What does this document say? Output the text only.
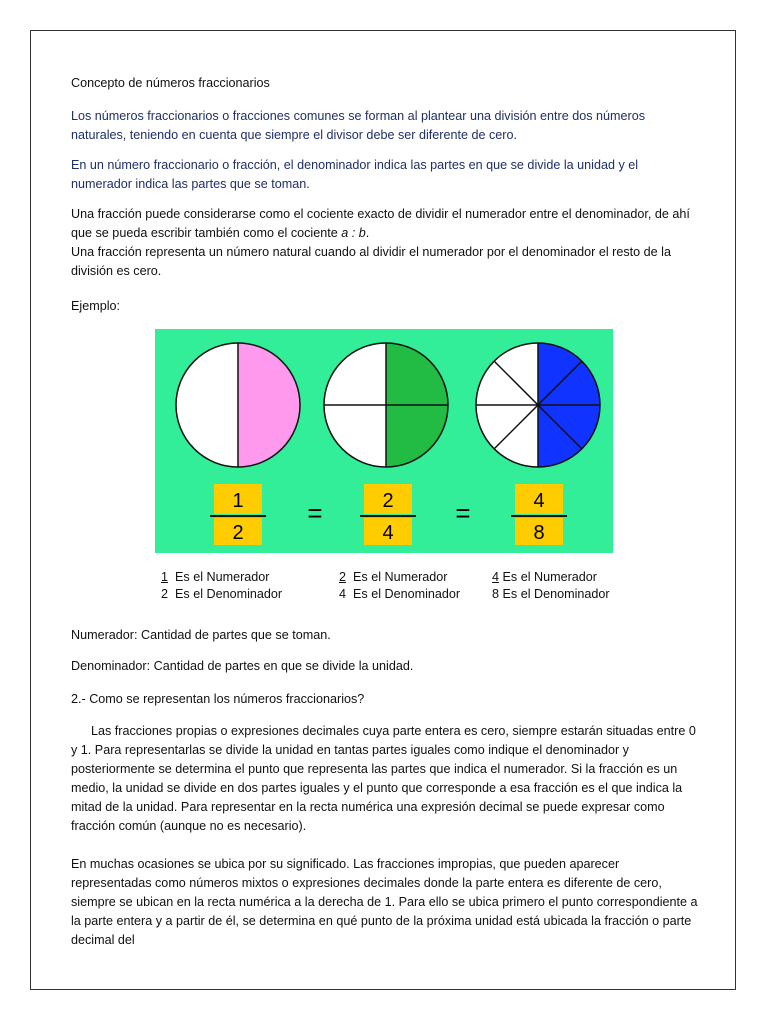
Concepto de números fraccionarios

Los números fraccionarios o fracciones comunes se forman al plantear una división entre dos números naturales, teniendo en cuenta que siempre el divisor debe ser diferente de cero.

En un número fraccionario o fracción, el denominador indica las partes en que se divide la unidad y el numerador indica las partes que se toman.

Una fracción puede considerarse como el cociente exacto de dividir el numerador entre el denominador, de ahí que se pueda escribir también como el cociente a : b.

Una fracción representa un número natural cuando al dividir el numerador por el denominador el resto de la división es cero.

Ejemplo:

1
2
=	2
4
=	4
8
1 Es el Numerador
2 Es el Denominador
2 Es el Numerador
4 Es el Denominador
4 Es el Numerador
8 Es el Denominador

Numerador: Cantidad de partes que se toman.

Denominador: Cantidad de partes en que se divide la unidad.

2.- Como se representan los números fraccionarios?

Las fracciones propias o expresiones decimales cuya parte entera es cero, siempre estarán situadas entre 0 y 1. Para representarlas se divide la unidad en tantas partes iguales como indique el denominador y posteriormente se determina el punto que representa las partes que indica el numerador. Si la fracción es un medio, la unidad se divide en dos partes iguales y el punto que corresponde a esa fracción es el que indica la mitad de la unidad. Para representar en la recta numérica una expresión decimal se puede expresar como fracción común (aunque no es necesario).

En muchas ocasiones se ubica por su significado. Las fracciones impropias, que pueden aparecer representadas como números mixtos o expresiones decimales donde la parte entera es diferente de cero, siempre se ubican en la recta numérica a la derecha de 1. Para ello se ubica primero el punto correspondiente a la parte entera y a partir de él, se determina en qué punto de la próxima unidad está ubicada la fracción o parte decimal del
